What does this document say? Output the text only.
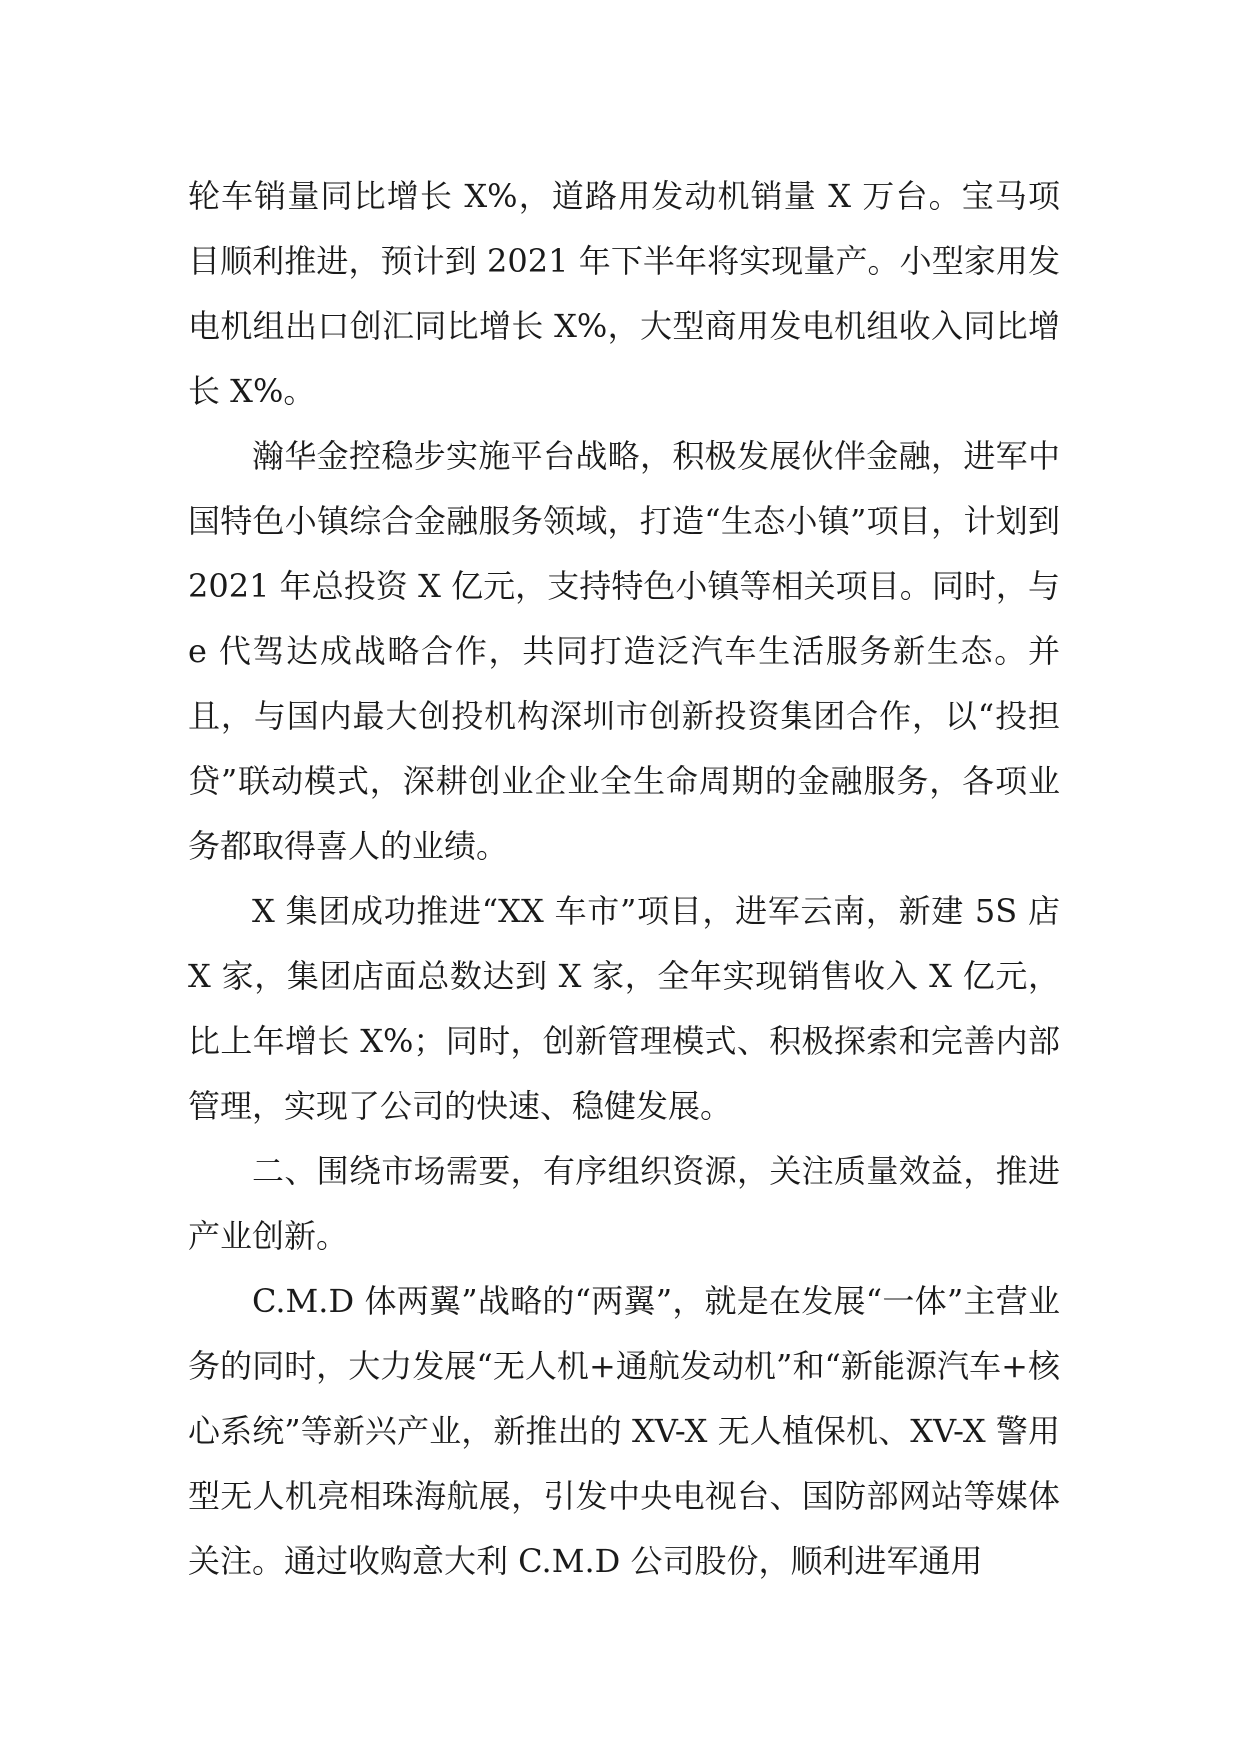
轮车销量同比增长 X%，道路用发动机销量 X 万台。宝马项目顺利推进，预计到 2021 年下半年将实现量产。小型家用发电机组出口创汇同比增长 X%，大型商用发电机组收入同比增长 X%。

瀚华金控稳步实施平台战略，积极发展伙伴金融，进军中国特色小镇综合金融服务领域，打造“生态小镇”项目，计划到 2021 年总投资 X 亿元，支持特色小镇等相关项目。同时，与 e 代驾达成战略合作，共同打造泛汽车生活服务新生态。并且，与国内最大创投机构深圳市创新投资集团合作，以“投担贷”联动模式，深耕创业企业全生命周期的金融服务，各项业务都取得喜人的业绩。

X 集团成功推进“XX 车市”项目，进军云南，新建 5S 店 X 家，集团店面总数达到 X 家，全年实现销售收入 X 亿元，比上年增长 X%；同时，创新管理模式、积极探索和完善内部管理，实现了公司的快速、稳健发展。

二、围绕市场需要，有序组织资源，关注质量效益，推进产业创新。

C.M.D 体两翼”战略的“两翼”，就是在发展“一体”主营业务的同时，大力发展“无人机+通航发动机”和“新能源汽车+核心系统”等新兴产业，新推出的 XV-X 无人植保机、XV-X 警用型无人机亮相珠海航展，引发中央电视台、国防部网站等媒体关注。通过收购意大利 C.M.D 公司股份，顺利进军通用
